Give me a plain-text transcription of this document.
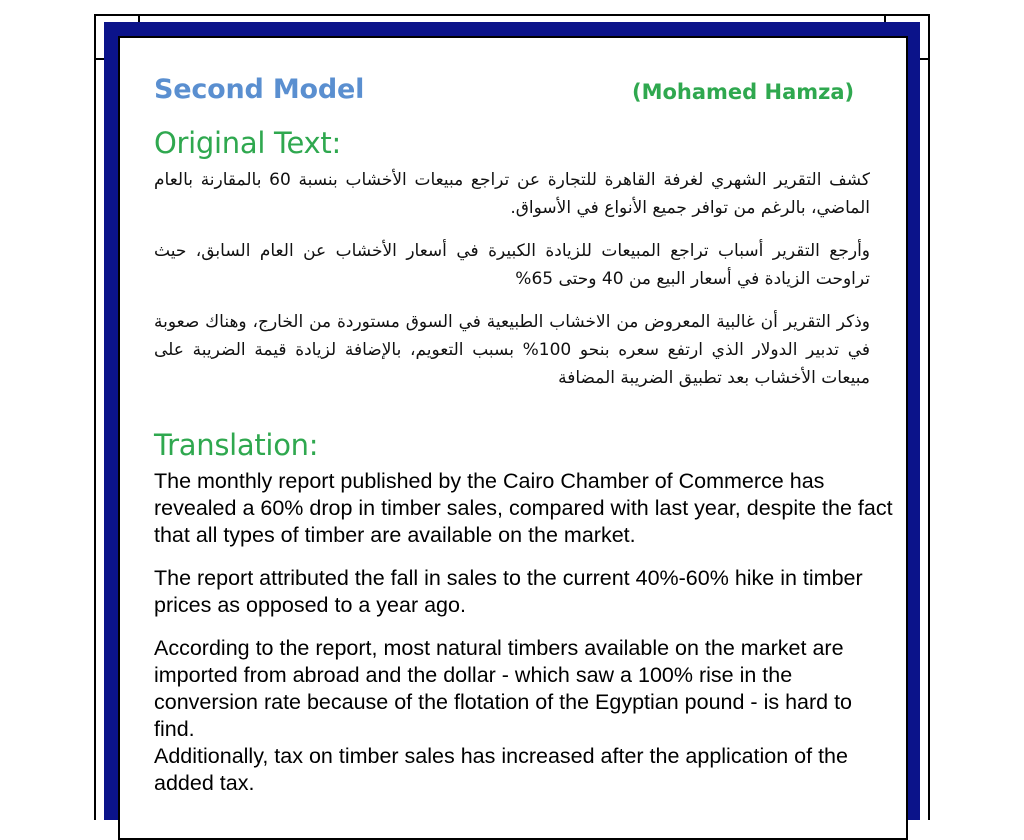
Second Model	(Mohamed Hamza)
Original Text:

كشف التقرير الشهري لغرفة القاهرة للتجارة عن تراجع مبيعات الأخشاب بنسبة 60 بالمقارنة بالعام الماضي، بالرغم من توافر جميع الأنواع في الأسواق.

وأرجع التقرير أسباب تراجع المبيعات للزيادة الكبيرة في أسعار الأخشاب عن العام السابق، حيث تراوحت الزيادة في أسعار البيع من 40 وحتى 65%

وذكر التقرير أن غالبية المعروض من الاخشاب الطبيعية في السوق مستوردة من الخارج، وهناك صعوبة في تدبير الدولار الذي ارتفع سعره بنحو 100% بسبب التعويم، بالإضافة لزيادة قيمة الضريبة على مبيعات الأخشاب بعد تطبيق الضريبة المضافة

Translation:

The monthly report published by the Cairo Chamber of Commerce has revealed a 60% drop in timber sales, compared with last year, despite the fact that all types of timber are available on the market.

The report attributed the fall in sales to the current 40%-60% hike in timber prices as opposed to a year ago.

According to the report, most natural timbers available on the market are imported from abroad and the dollar - which saw a 100% rise in the conversion rate because of the flotation of the Egyptian pound - is hard to find.

Additionally, tax on timber sales has increased after the application of the added tax.
